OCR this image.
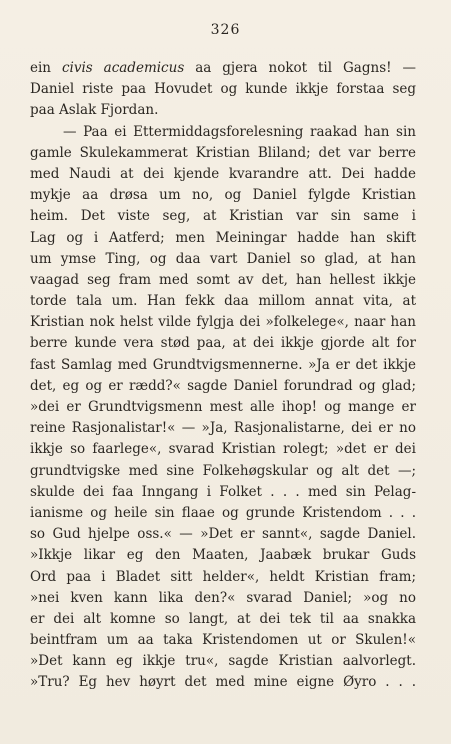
326
ein civis academicus aa gjera nokot til Gagns! —
Daniel riste paa Hovudet og kunde ikkje forstaa seg
paa Aslak Fjordan.
— Paa ei Ettermiddagsforelesning raakad han sin
gamle Skulekammerat Kristian Bliland; det var berre
med Naudi at dei kjende kvarandre att. Dei hadde
mykje aa drøsa um no, og Daniel fylgde Kristian
heim. Det viste seg, at Kristian var sin same i
Lag og i Aatferd; men Meiningar hadde han skift
um ymse Ting, og daa vart Daniel so glad, at han
vaagad seg fram med somt av det, han hellest ikkje
torde tala um. Han fekk daa millom annat vita, at
Kristian nok helst vilde fylgja dei »folkelege«, naar han
berre kunde vera stød paa, at dei ikkje gjorde alt for
fast Samlag med Grundtvigsmennerne. »Ja er det ikkje
det, eg og er rædd?« sagde Daniel forundrad og glad;
»dei er Grundtvigsmenn mest alle ihop! og mange er
reine Rasjonalistar!« — »Ja, Rasjonalistarne, dei er no
ikkje so faarlege«, svarad Kristian rolegt; »det er dei
grundtvigske med sine Folkehøgskular og alt det —;
skulde dei faa Inngang i Folket . . . med sin Pelag-
ianisme og heile sin flaae og grunde Kristendom . . .
so Gud hjelpe oss.« — »Det er sannt«, sagde Daniel.
»Ikkje likar eg den Maaten, Jaabæk brukar Guds
Ord paa i Bladet sitt helder«, heldt Kristian fram;
»nei kven kann lika den?« svarad Daniel; »og no
er dei alt komne so langt, at dei tek til aa snakka
beintfram um aa taka Kristendomen ut or Skulen!«
»Det kann eg ikkje tru«, sagde Kristian aalvorlegt.
»Tru? Eg hev høyrt det med mine eigne Øyro . . .
